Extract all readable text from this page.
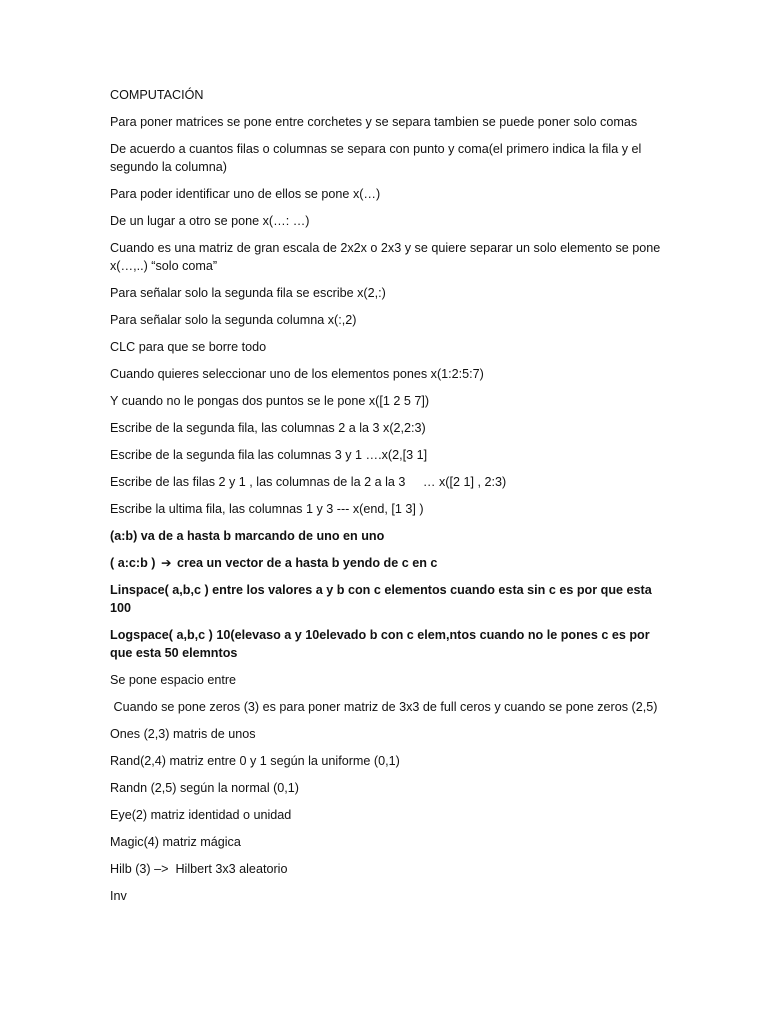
COMPUTACIÓN

Para poner matrices se pone entre corchetes y se separa tambien se puede poner solo comas

De acuerdo a cuantos filas o columnas se separa con punto y coma(el primero indica la fila y el segundo la columna)

Para poder identificar uno de ellos se pone x(…)

De un lugar a otro se pone x(…: …)

Cuando es una matriz de gran escala de 2x2x o 2x3 y se quiere separar un solo elemento se pone x(…,..) “solo coma”

Para señalar solo la segunda fila se escribe x(2,:)

Para señalar solo la segunda columna x(:,2)

CLC para que se borre todo

Cuando quieres seleccionar uno de los elementos pones x(1:2:5:7)

Y cuando no le pongas dos puntos se le pone x([1 2 5 7])

Escribe de la segunda fila, las columnas 2 a la 3 x(2,2:3)

Escribe de la segunda fila las columnas 3 y 1 ….x(2,[3 1]

Escribe de las filas 2 y 1 , las columnas de la 2 a la 3     … x([2 1] , 2:3)

Escribe la ultima fila, las columnas 1 y 3 --- x(end, [1 3] )

(a:b) va de a hasta b marcando de uno en uno

( a:c:b ) ➔ crea un vector de a hasta b yendo de c en c

Linspace( a,b,c ) entre los valores a y b con c elementos cuando esta sin c es por que esta 100

Logspace( a,b,c ) 10(elevaso a y 10elevado b con c elem,ntos cuando no le pones c es por que esta 50 elemntos

Se pone espacio entre

Cuando se pone zeros (3) es para poner matriz de 3x3 de full ceros y cuando se pone zeros (2,5)

Ones (2,3) matris de unos

Rand(2,4) matriz entre 0 y 1 según la uniforme (0,1)

Randn (2,5) según la normal (0,1)

Eye(2) matriz identidad o unidad

Magic(4) matriz mágica

Hilb (3) –>  Hilbert 3x3 aleatorio

Inv
